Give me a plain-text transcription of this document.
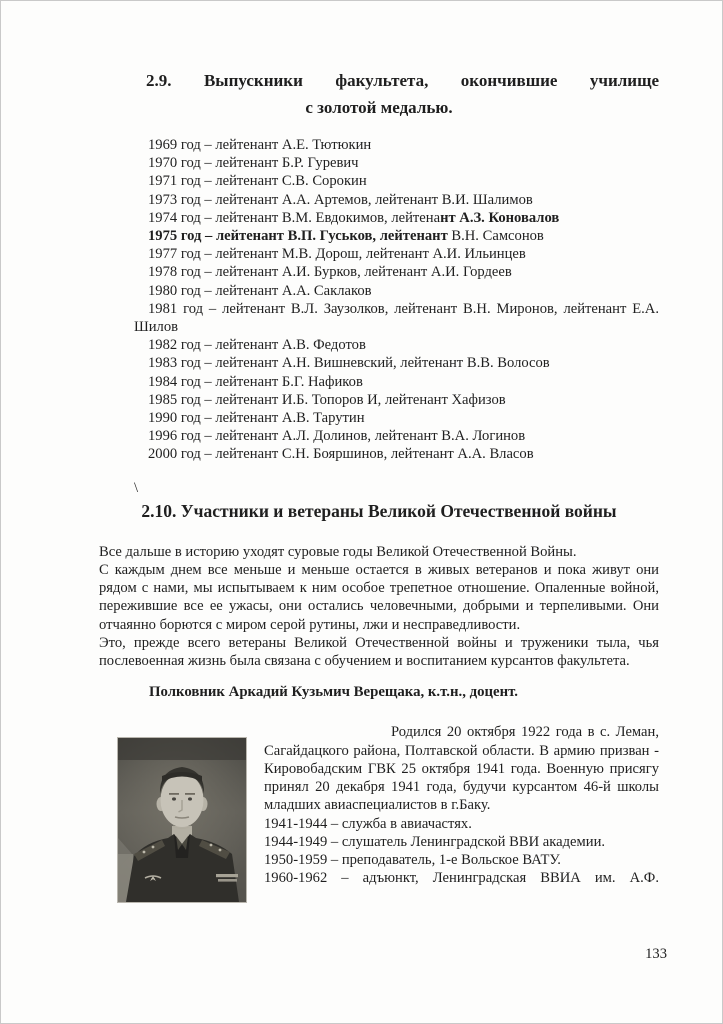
2.9. Выпускники факультета, окончившие училище
с золотой медалью.
1969 год – лейтенант А.Е. Тютюкин
1970 год – лейтенант Б.Р. Гуревич
1971 год – лейтенант С.В. Сорокин
1973 год – лейтенант А.А. Артемов, лейтенант В.И. Шалимов
1974 год – лейтенант В.М. Евдокимов, лейтенант А.З. Коновалов
1975 год – лейтенант В.П. Гуськов, лейтенант В.Н. Самсонов
1977 год – лейтенант М.В. Дорош, лейтенант А.И. Ильинцев
1978 год – лейтенант А.И. Бурков, лейтенант А.И. Гордеев
1980 год – лейтенант А.А. Саклаков
1981 год – лейтенант В.Л. Заузолков, лейтенант В.Н. Миронов, лейтенант Е.А. Шилов
1982 год – лейтенант А.В. Федотов
1983 год – лейтенант А.Н. Вишневский, лейтенант В.В. Волосов
1984 год – лейтенант Б.Г. Нафиков
1985 год – лейтенант И.Б. Топоров И, лейтенант Хафизов
1990 год – лейтенант А.В. Тарутин
1996 год – лейтенант А.Л. Долинов, лейтенант В.А. Логинов
2000 год – лейтенант С.Н. Бояршинов, лейтенант А.А. Власов
\
2.10. Участники и ветераны Великой Отечественной войны
Все дальше в историю уходят суровые годы Великой Отечественной Войны.
С каждым днем все меньше и меньше остается в живых ветеранов и пока живут они рядом с нами, мы испытываем к ним особое трепетное отношение. Опаленные войной, пережившие все ее ужасы, они остались человечными, добрыми и терпеливыми. Они отчаянно борются с миром серой рутины, лжи и несправедливости.
Это, прежде всего ветераны Великой Отечественной войны и труженики тыла, чья послевоенная жизнь была связана с обучением и воспитанием курсантов факультета.
Полковник Аркадий Кузьмич Верещака, к.т.н., доцент.
Родился 20 октября 1922 года в с. Леман, Сагайдацкого района, Полтавской области. В армию призван - Кировобадским ГВК 25 октября 1941 года. Военную присягу принял 20 декабря 1941 года, будучи курсантом 46-й школы младших авиаспециалистов в г.Баку.
1941-1944 – служба в авиачастях.
1944-1949 – слушатель Ленинградской ВВИ академии.
1950-1959 – преподаватель, 1-е Вольское ВАТУ.
1960-1962 – адъюнкт, Ленинградская ВВИА им. А.Ф.
133
